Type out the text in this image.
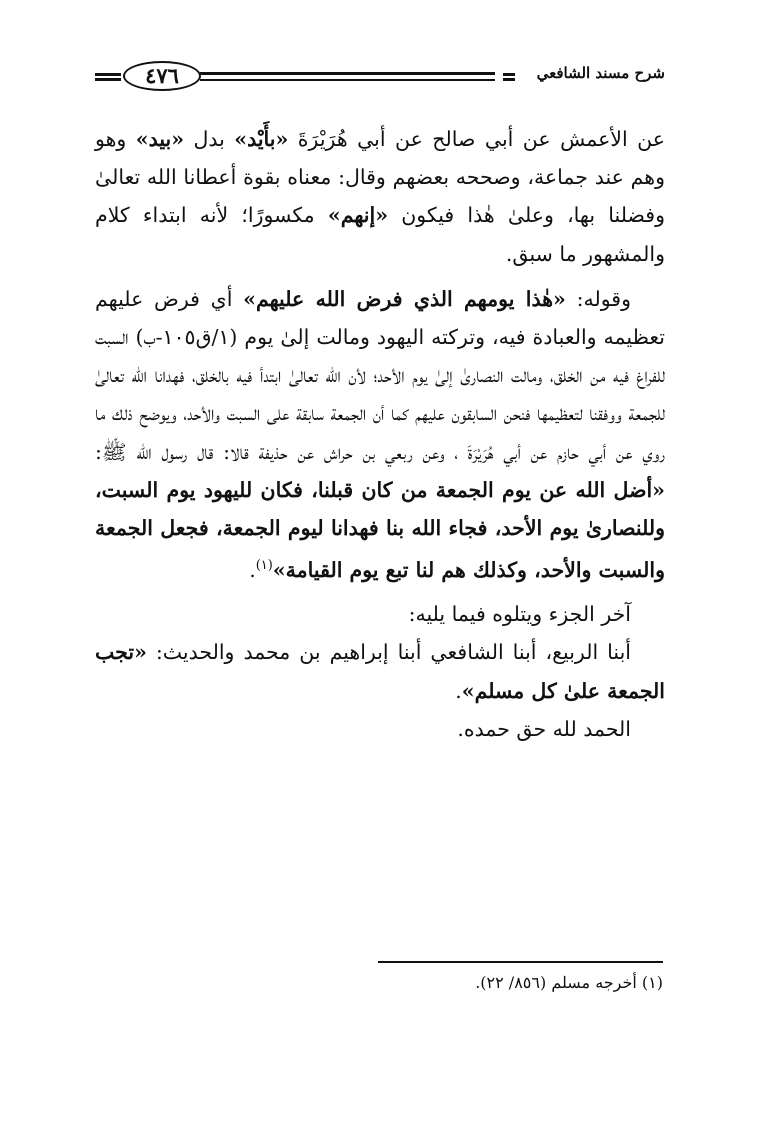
شرح مسند الشافعي
٤٧٦

عن الأعمش عن أبي صالح عن أبي هُرَيْرَةَ «بأَيْد» بدل «بيد» وهو وهم عند جماعة، وصححه بعضهم وقال: معناه بقوة أعطانا الله تعالىٰ وفضلنا بها، وعلىٰ هٰذا فيكون «إنهم» مكسورًا؛ لأنه ابتداء كلام والمشهور ما سبق.

وقوله: «هٰذا يومهم الذي فرض الله عليهم» أي فرض عليهم تعظيمه والعبادة فيه، وتركته اليهود ومالت إلىٰ يوم (١/ق١٠٥-ب) السبت للفراغ فيه من الخلق، ومالت النصارىٰ إلىٰ يوم الأحد؛ لأن الله تعالىٰ ابتدأ فيه بالخلق، فهدانا الله تعالىٰ للجمعة ووفقنا لتعظيمها فنحن السابقون عليهم كما أن الجمعة سابقة على السبت والأحد، ويوضح ذلك ما روي عن أبي حازم عن أبي هُرَيْرَةَ ، وعن ربعي بن حراش عن حذيفة قالا: قال رسول الله ﷺ: «أضل الله عن يوم الجمعة من كان قبلنا، فكان لليهود يوم السبت، وللنصارىٰ يوم الأحد، فجاء الله بنا فهدانا ليوم الجمعة، فجعل الجمعة والسبت والأحد، وكذلك هم لنا تبع يوم القيامة»$^{(١)}$.

آخر الجزء ويتلوه فيما يليه:

أبنا الربيع، أبنا الشافعي أبنا إبراهيم بن محمد والحديث: «تجب الجمعة علىٰ كل مسلم».

الحمد لله حق حمده.

(١) أخرجه مسلم (٨٥٦/ ٢٢).
